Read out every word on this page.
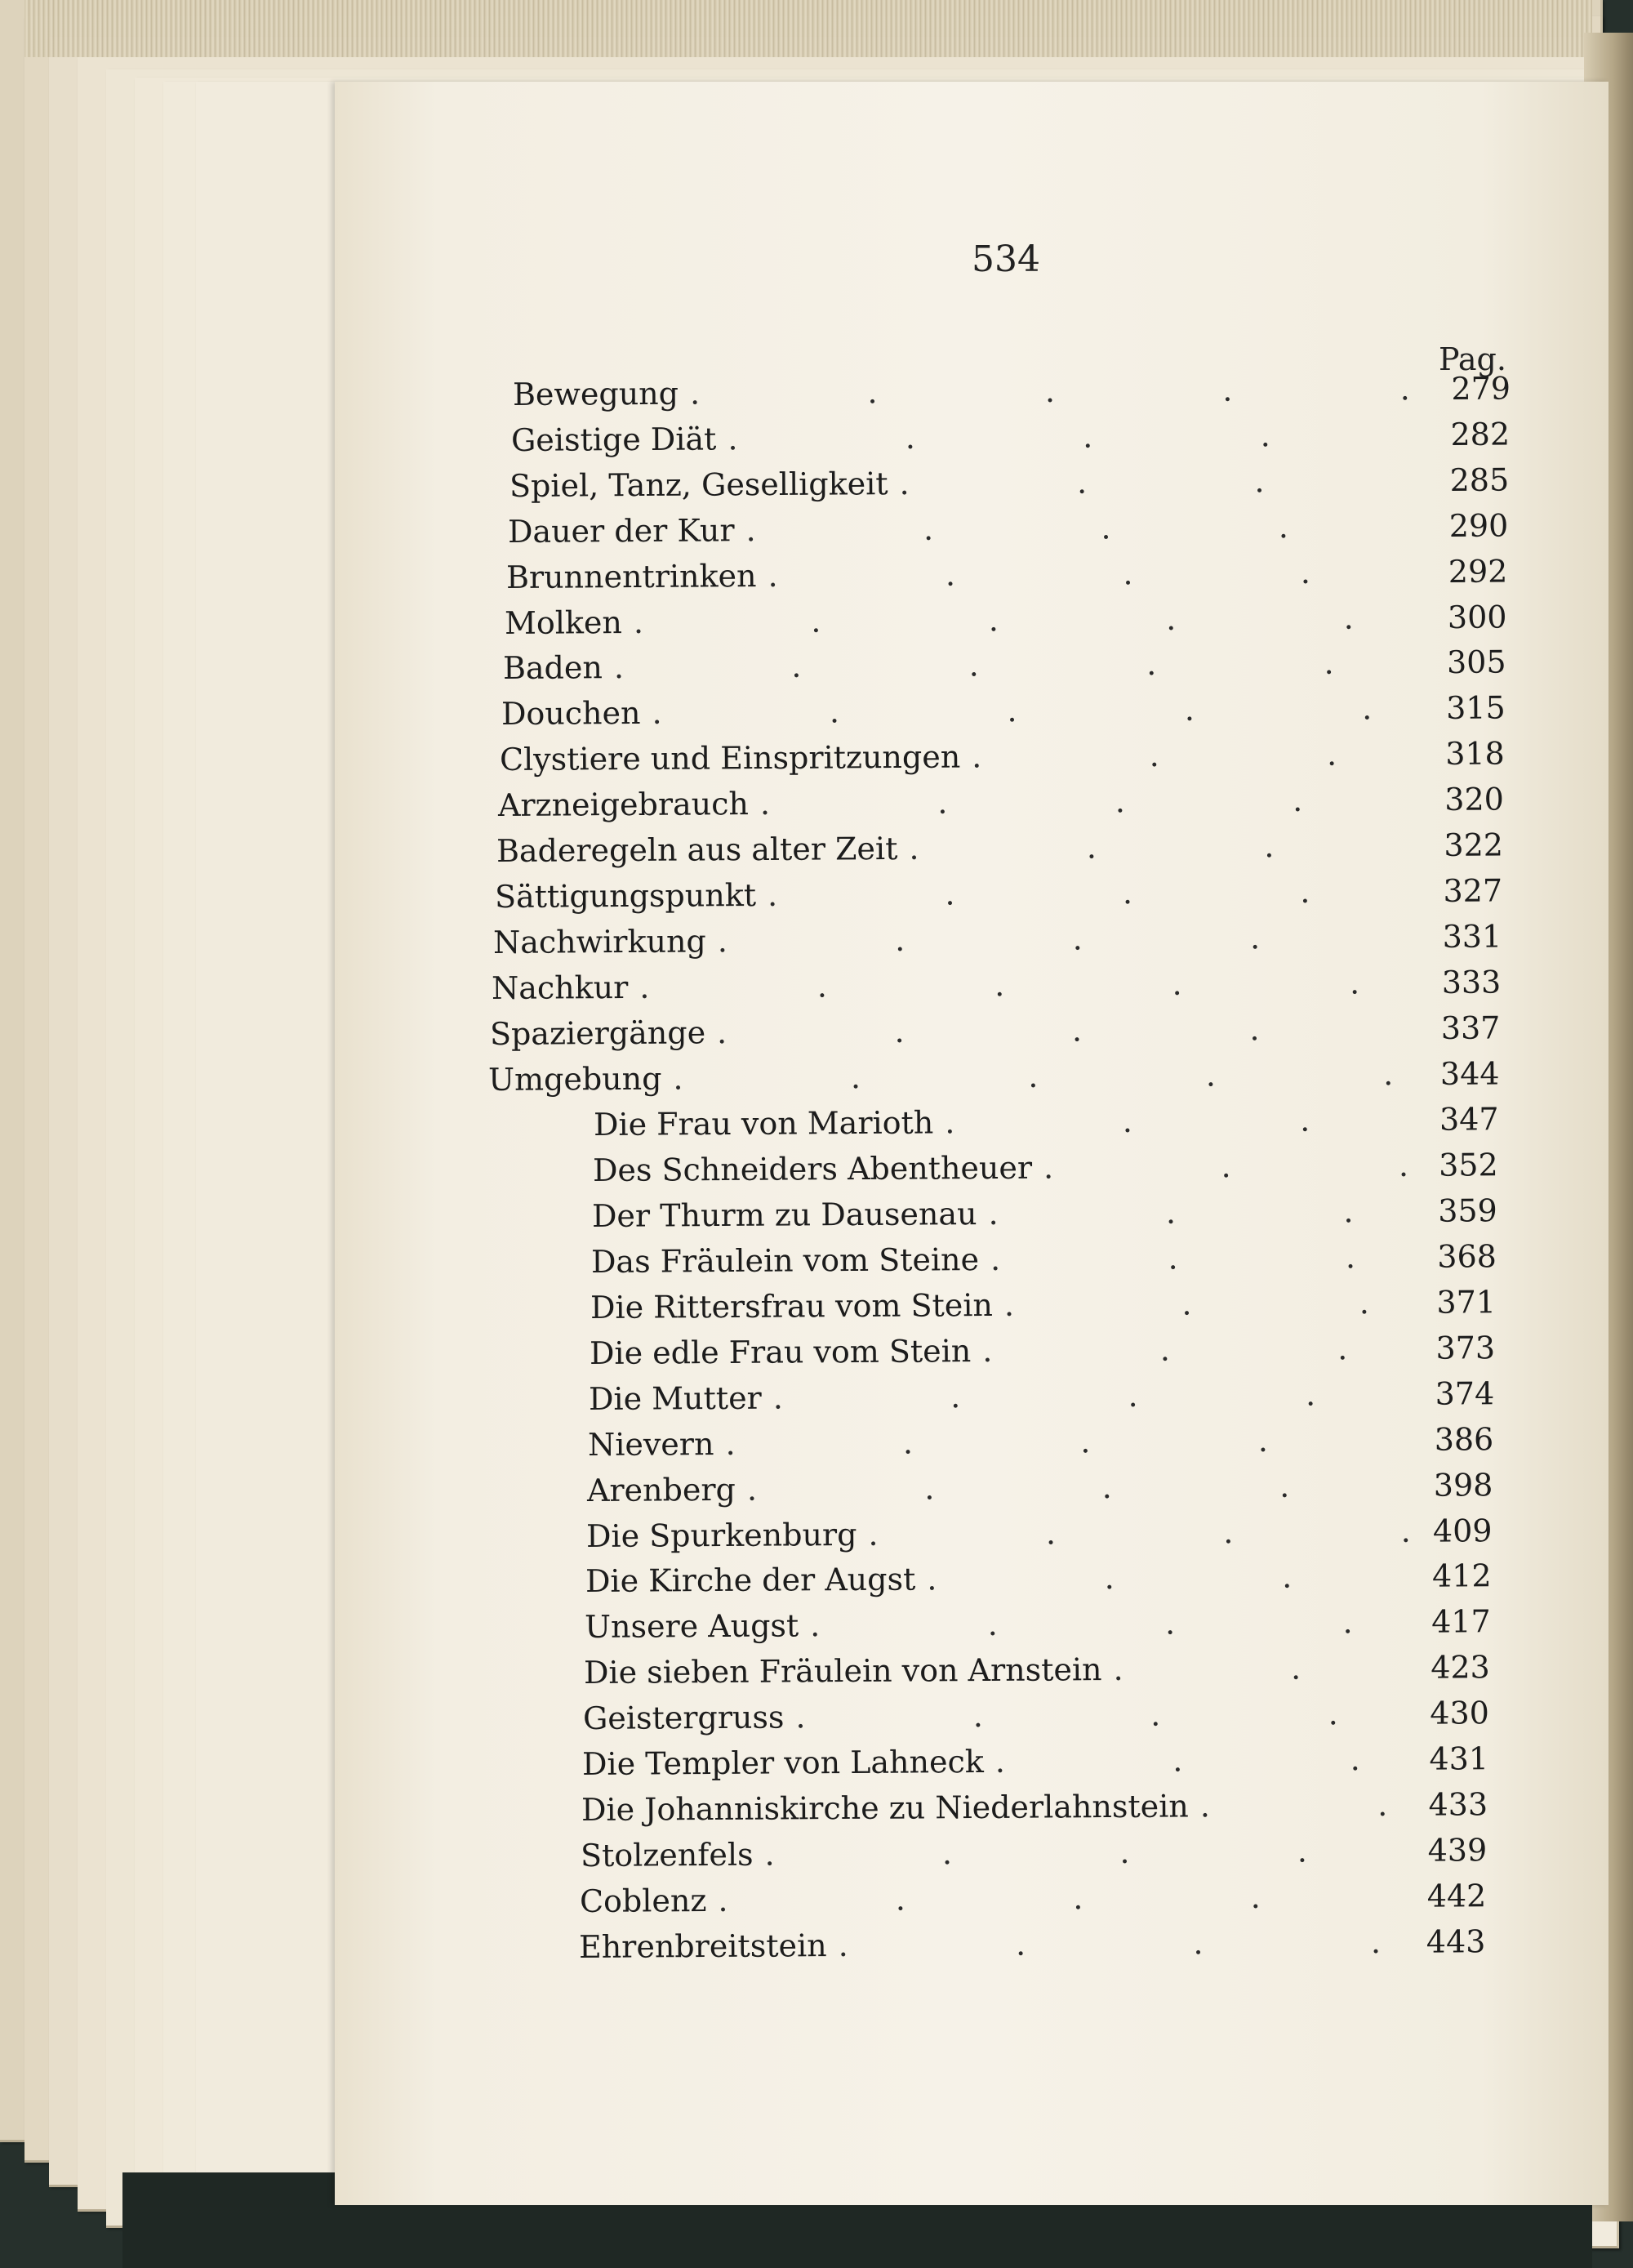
534
Pag.
Bewegung .	279
Geistige Diät .	282
Spiel, Tanz, Geselligkeit .	285
Dauer der Kur .	290
Brunnentrinken .	292
Molken .	300
Baden .	305
Douchen .	315
Clystiere und Einspritzungen .	318
Arzneigebrauch .	320
Baderegeln aus alter Zeit .	322
Sättigungspunkt .	327
Nachwirkung .	331
Nachkur .	333
Spaziergänge .	337
Umgebung .	344
Die Frau von Marioth .	347
Des Schneiders Abentheuer .	352
Der Thurm zu Dausenau .	359
Das Fräulein vom Steine .	368
Die Rittersfrau vom Stein .	371
Die edle Frau vom Stein .	373
Die Mutter .	374
Nievern .	386
Arenberg .	398
Die Spurkenburg .	409
Die Kirche der Augst .	412
Unsere Augst .	417
Die sieben Fräulein von Arnstein .	423
Geistergruss .	430
Die Templer von Lahneck .	431
Die Johanniskirche zu Niederlahnstein .	433
Stolzenfels .	439
Coblenz .	442
Ehrenbreitstein .	443
